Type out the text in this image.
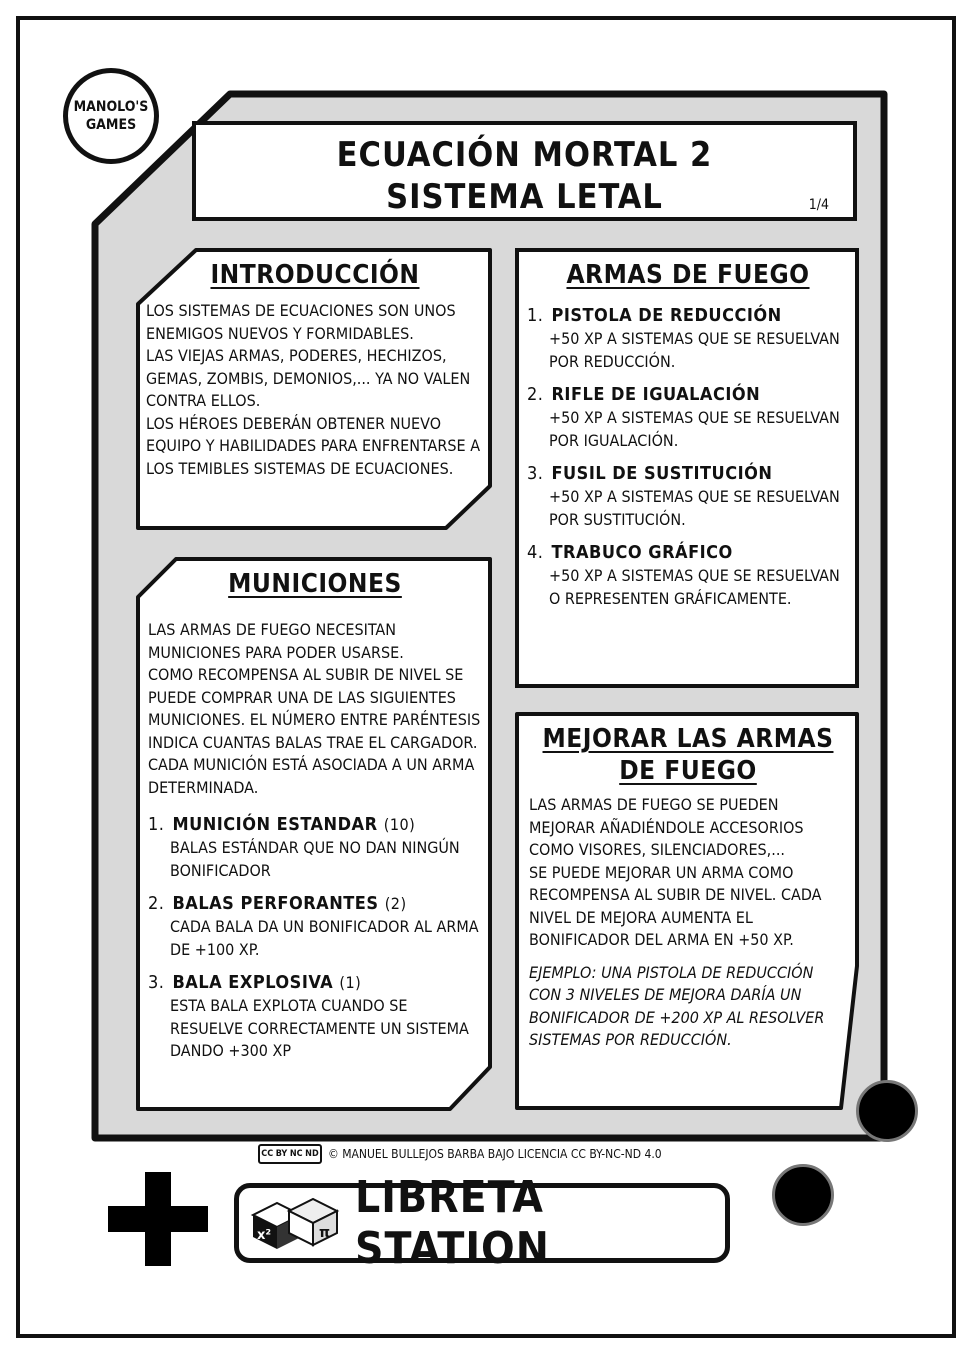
MANOLO'S
GAMES
ECUACIÓN MORTAL 2
SISTEMA LETAL	1/4
INTRODUCCIÓN

LOS SISTEMAS DE ECUACIONES SON UNOS ENEMIGOS NUEVOS Y FORMIDABLES.

LAS VIEJAS ARMAS, PODERES, HECHIZOS, GEMAS, ZOMBIS, DEMONIOS,... YA NO VALEN CONTRA ELLOS.

LOS HÉROES DEBERÁN OBTENER NUEVO EQUIPO Y HABILIDADES PARA ENFRENTARSE A LOS TEMIBLES SISTEMAS DE ECUACIONES.

ARMAS DE FUEGO
1. PISTOLA DE REDUCCIÓN
+50 XP A SISTEMAS QUE SE RESUELVAN POR REDUCCIÓN.
2. RIFLE DE IGUALACIÓN
+50 XP A SISTEMAS QUE SE RESUELVAN POR IGUALACIÓN.
3. FUSIL DE SUSTITUCIÓN
+50 XP A SISTEMAS QUE SE RESUELVAN POR SUSTITUCIÓN.
4. TRABUCO GRÁFICO
+50 XP A SISTEMAS QUE SE RESUELVAN O REPRESENTEN GRÁFICAMENTE.
MUNICIONES

LAS ARMAS DE FUEGO NECESITAN MUNICIONES PARA PODER USARSE.

COMO RECOMPENSA AL SUBIR DE NIVEL SE PUEDE COMPRAR UNA DE LAS SIGUIENTES MUNICIONES. EL NÚMERO ENTRE PARÉNTESIS INDICA CUANTAS BALAS TRAE EL CARGADOR.

CADA MUNICIÓN ESTÁ ASOCIADA A UN ARMA DETERMINADA.

1. MUNICIÓN ESTANDAR (10)
BALAS ESTÁNDAR QUE NO DAN NINGÚN BONIFICADOR
2. BALAS PERFORANTES (2)
CADA BALA DA UN BONIFICADOR AL ARMA DE +100 XP.
3. BALA EXPLOSIVA (1)
ESTA BALA EXPLOTA CUANDO SE RESUELVE CORRECTAMENTE UN SISTEMA DANDO +300 XP
MEJORAR LAS ARMAS
DE FUEGO

LAS ARMAS DE FUEGO SE PUEDEN MEJORAR AÑADIÉNDOLE ACCESORIOS COMO VISORES, SILENCIADORES,...

SE PUEDE MEJORAR UN ARMA COMO RECOMPENSA AL SUBIR DE NIVEL. CADA NIVEL DE MEJORA AUMENTA EL BONIFICADOR DEL ARMA EN +50 XP.

EJEMPLO: UNA PISTOLA DE REDUCCIÓN CON 3 NIVELES DE MEJORA DARÍA UN BONIFICADOR DE +200 XP AL RESOLVER SISTEMAS POR REDUCCIÓN.

CC BY NC ND © MANUEL BULLEJOS BARBA BAJO LICENCIA CC BY-NC-ND 4.0
x²	π
LIBRETA STATION
